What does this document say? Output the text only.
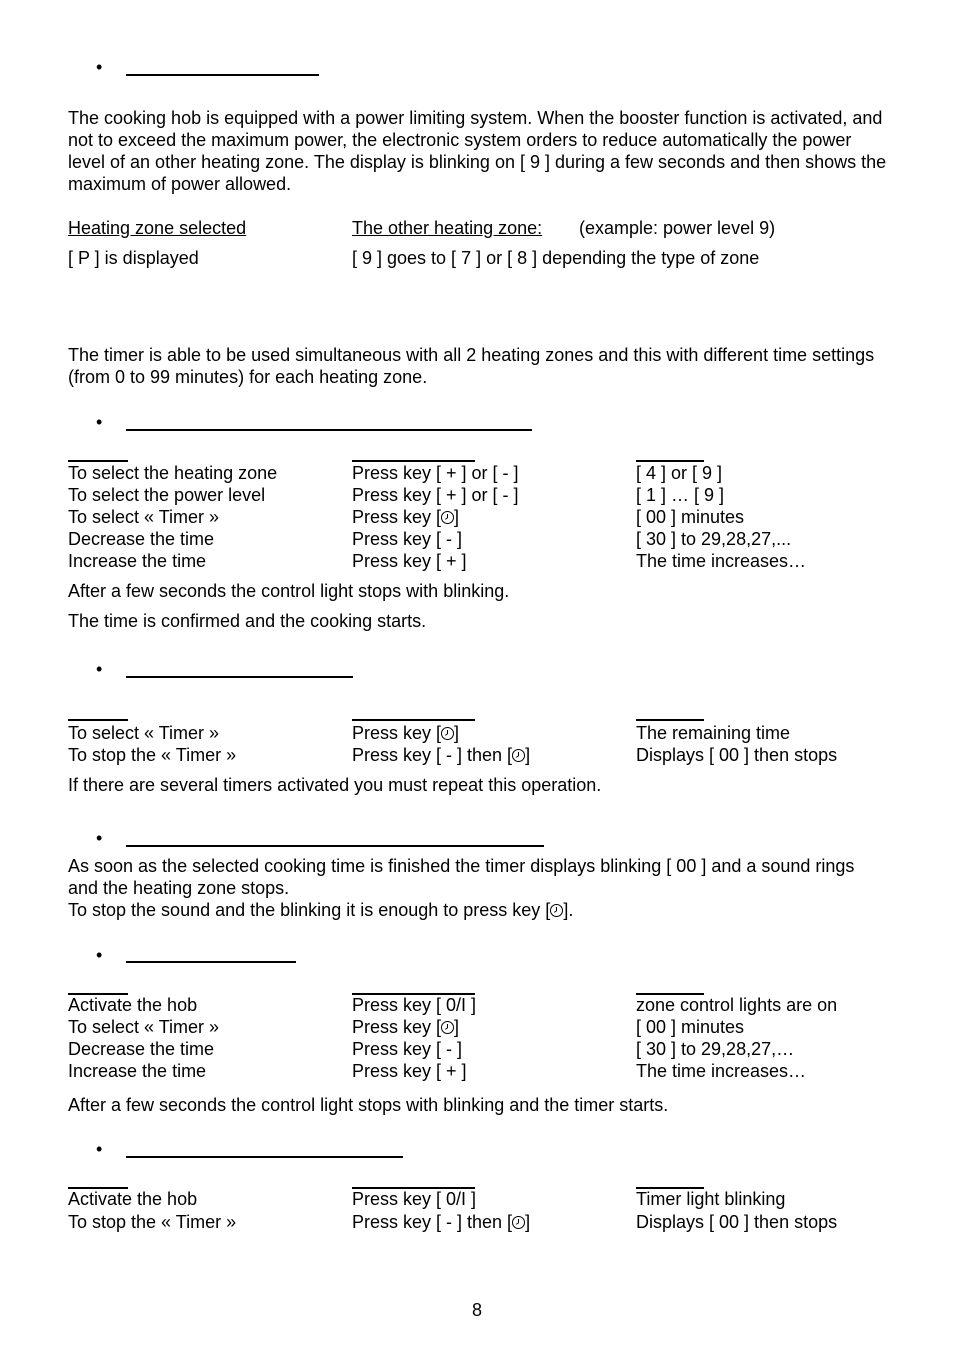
•
The cooking hob is equipped with a power limiting system. When the booster function is activated, and not to exceed the maximum power, the electronic system orders to reduce automatically the power level of an other heating zone. The display is blinking on [ 9 ] during a few seconds and then shows the maximum of power allowed.
Heating zone selected	The other heating zone: (example: power level 9)
[ P ] is displayed	[ 9 ] goes to [ 7 ] or [ 8 ] depending the type of zone
The timer is able to be used simultaneous with all 2 heating zones and this with different time settings (from 0 to 99 minutes) for each heating zone.
•
To select the heating zone	Press key [ + ] or [ - ]	[ 4 ] or [ 9 ]
To select the power level	Press key [ + ] or [ - ]	[ 1 ] … [ 9 ]
To select « Timer »	Press key [ ]	[ 00 ] minutes
Decrease the time	Press key [ - ]	[ 30 ] to 29,28,27,...
Increase the time	Press key [ + ]	The time increases…
After a few seconds the control light stops with blinking.
The time is confirmed and the cooking starts.
•
To select « Timer »	Press key [ ]	The remaining time
To stop the « Timer »	Press key [ - ] then [ ]	Displays [ 00 ] then stops
If there are several timers activated you must repeat this operation.
•
As soon as the selected cooking time is finished the timer displays blinking [ 00 ] and a sound rings and the heating zone stops.
To stop the sound and the blinking it is enough to press key [ ].
•
Activate the hob	Press key [ 0/I ]	zone control lights are on
To select « Timer »	Press key [ ]	[ 00 ] minutes
Decrease the time	Press key [ - ]	[ 30 ] to 29,28,27,…
Increase the time	Press key [ + ]	The time increases…
After a few seconds the control light stops with blinking and the timer starts.
•
Activate the hob	Press key [ 0/I ]	Timer light blinking
To stop the « Timer »	Press key [ - ] then [ ]	Displays [ 00 ] then stops
8
